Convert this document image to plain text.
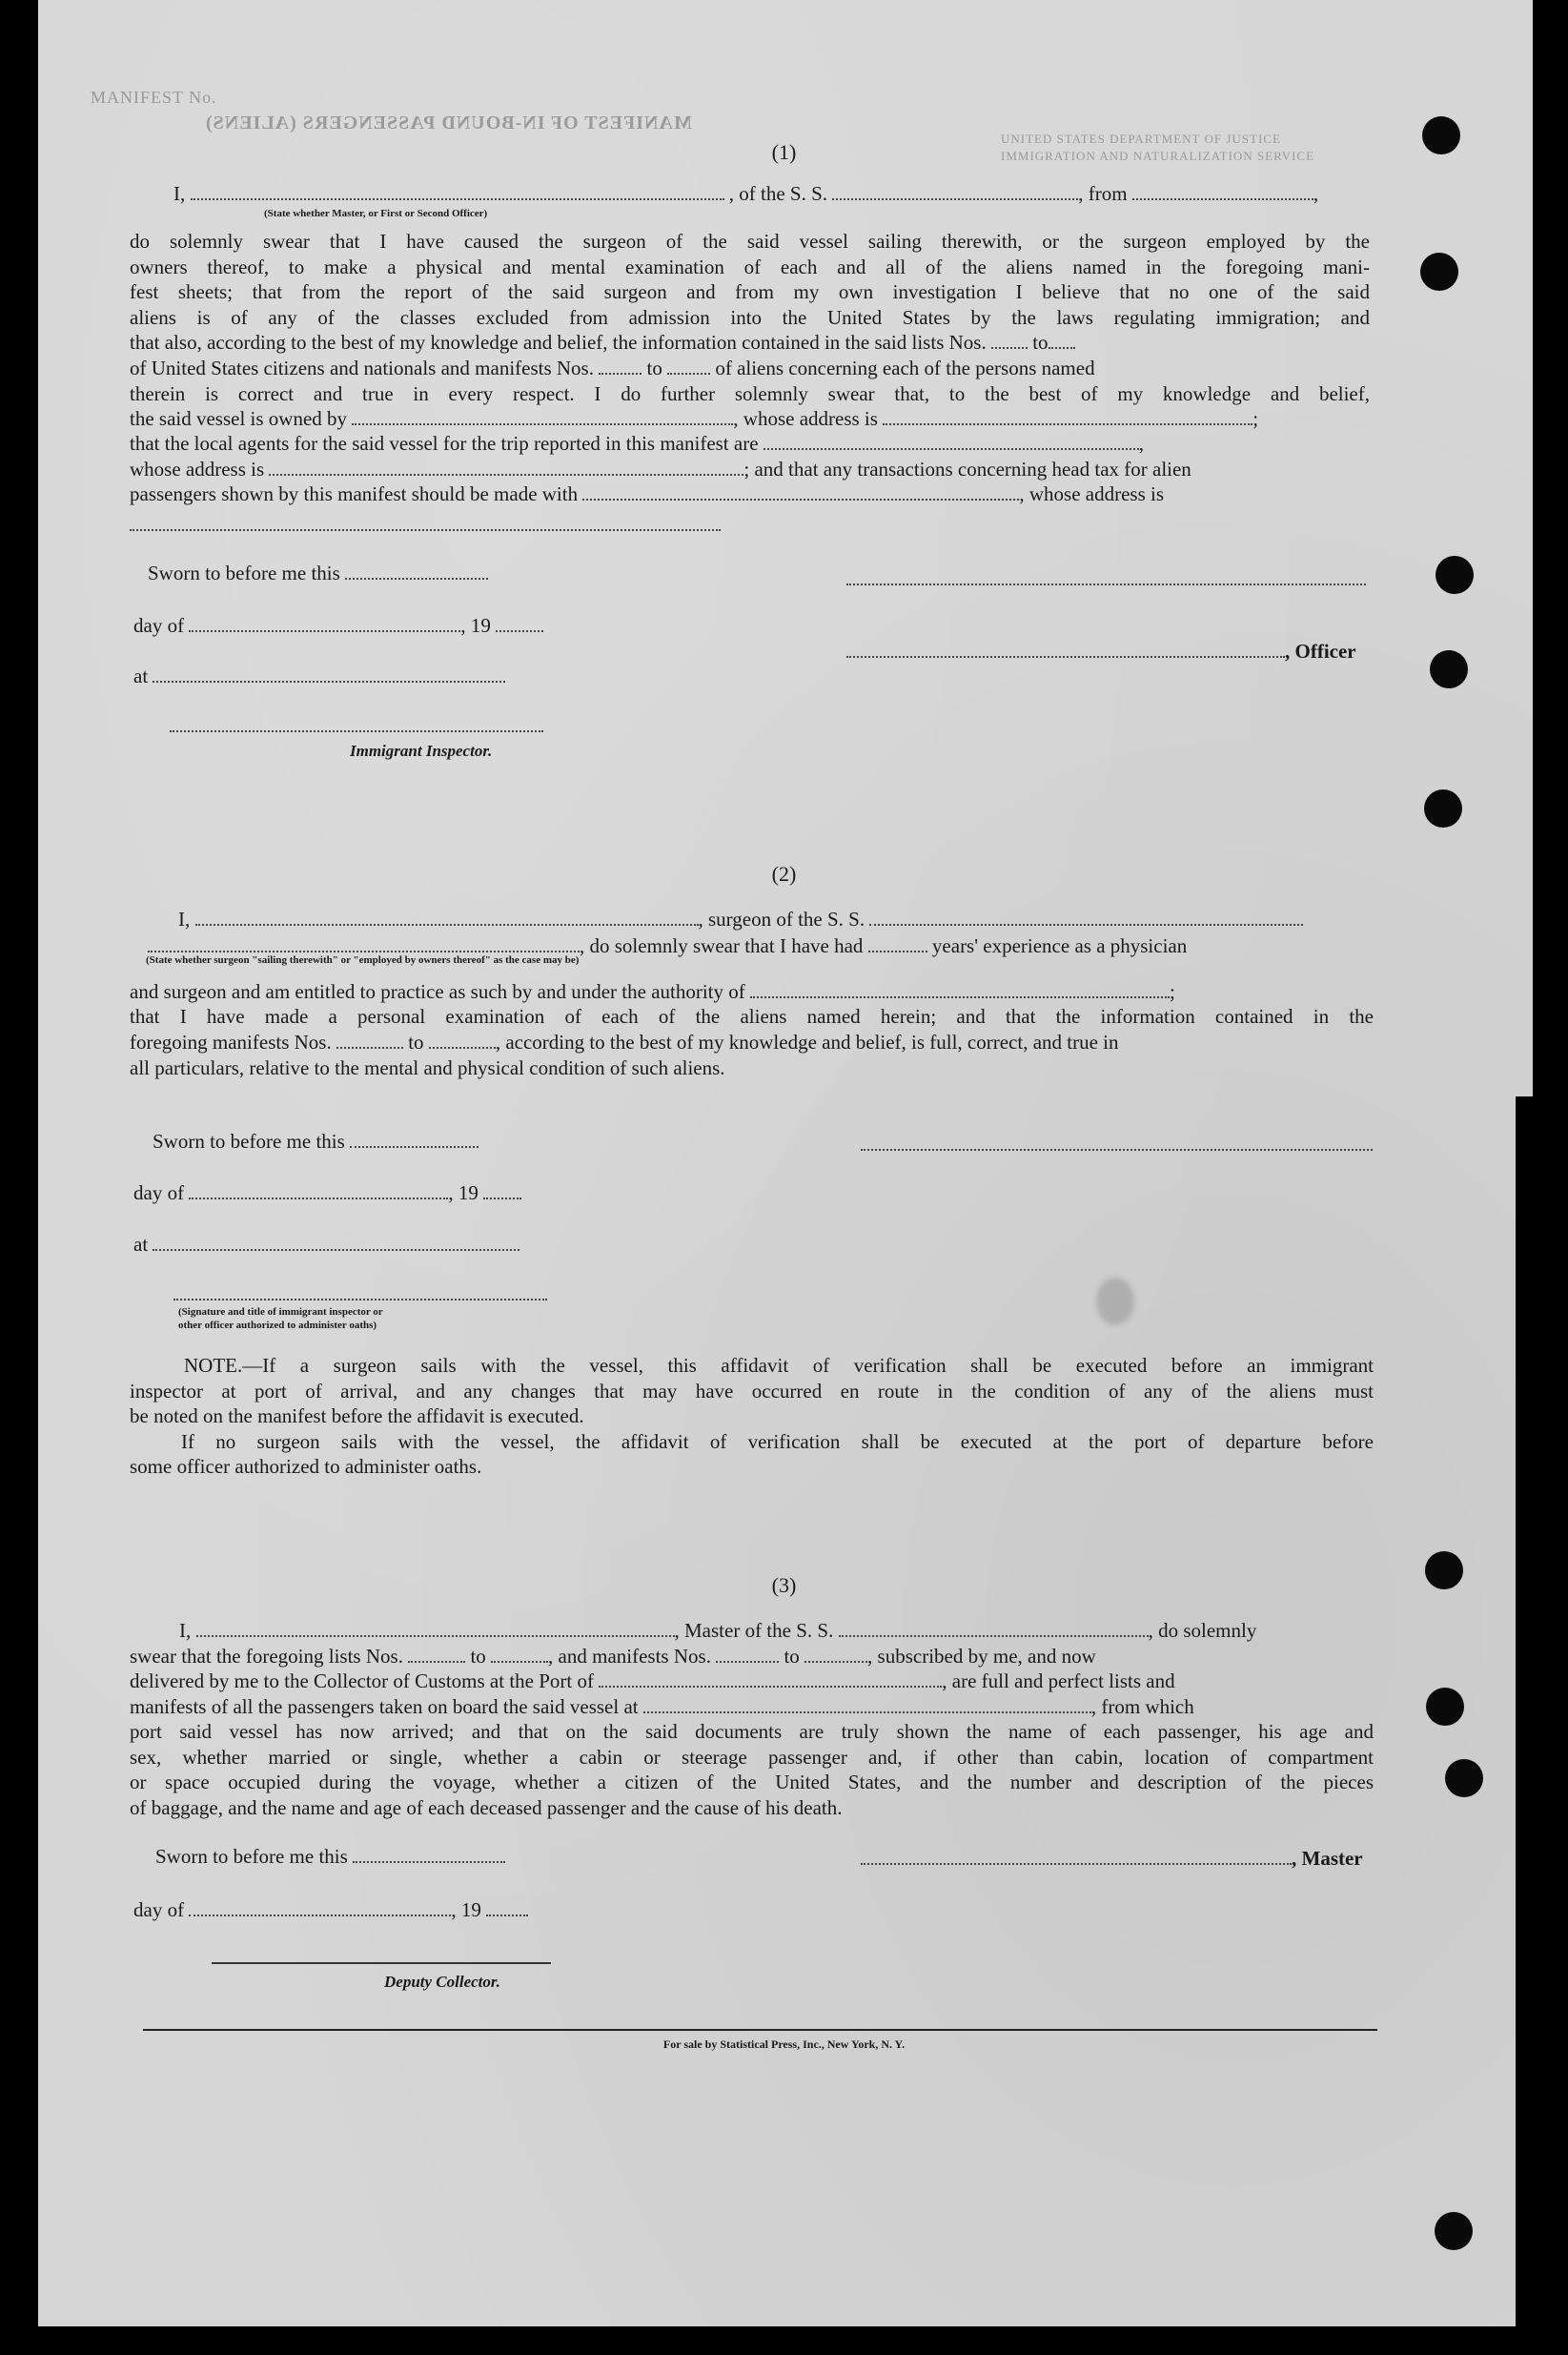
MANIFEST No.
MANIFEST OF IN-BOUND PASSENGERS (ALIENS)
UNITED STATES DEPARTMENT OF JUSTICE
IMMIGRATION AND NATURALIZATION SERVICE
(1)
I,	, of the S. S.	, from	,
(State whether Master, or First or Second Officer)
do solemnly swear that I have caused the surgeon of the said vessel sailing therewith, or the surgeon employed by the
owners thereof, to make a physical and mental examination of each and all of the aliens named in the foregoing mani-
fest sheets; that from the report of the said surgeon and from my own investigation I believe that no one of the said
aliens is of any of the classes excluded from admission into the United States by the laws regulating immigration; and
that also, according to the best of my knowledge and belief, the information contained in the said lists Nos. to
of United States citizens and nationals and manifests Nos.	to	of aliens concerning each of the persons named
therein is correct and true in every respect. I do further solemnly swear that, to the best of my knowledge and belief,
the said vessel is owned by	, whose address is	;
that the local agents for the said vessel for the trip reported in this manifest are	,
whose address is	; and that any transactions concerning head tax for alien
passengers shown by this manifest should be made with	, whose address is
Sworn to before me this
day of	, 19
, Officer
at
Immigrant Inspector.
(2)
I,	, surgeon of the S. S.
, do solemnly swear that I have had	years' experience as a physician
(State whether surgeon "sailing therewith" or "employed by owners thereof" as the case may be)
and surgeon and am entitled to practice as such by and under the authority of	;
that I have made a personal examination of each of the aliens named herein; and that the information contained in the
foregoing manifests Nos.	to	, according to the best of my knowledge and belief, is full, correct, and true in
all particulars, relative to the mental and physical condition of such aliens.
Sworn to before me this
day of	, 19
at
(Signature and title of immigrant inspector or
other officer authorized to administer oaths)
NOTE.—If a surgeon sails with the vessel, this affidavit of verification shall be executed before an immigrant
inspector at port of arrival, and any changes that may have occurred en route in the condition of any of the aliens must
be noted on the manifest before the affidavit is executed.
If no surgeon sails with the vessel, the affidavit of verification shall be executed at the port of departure before
some officer authorized to administer oaths.
(3)
I,	, Master of the S. S.	, do solemnly
swear that the foregoing lists Nos.	to	, and manifests Nos.	to	, subscribed by me, and now
delivered by me to the Collector of Customs at the Port of	, are full and perfect lists and
manifests of all the passengers taken on board the said vessel at	, from which
port said vessel has now arrived; and that on the said documents are truly shown the name of each passenger, his age and
sex, whether married or single, whether a cabin or steerage passenger and, if other than cabin, location of compartment
or space occupied during the voyage, whether a citizen of the United States, and the number and description of the pieces
of baggage, and the name and age of each deceased passenger and the cause of his death.
Sworn to before me this	, Master
day of	, 19
Deputy Collector.
For sale by Statistical Press, Inc., New York, N. Y.
